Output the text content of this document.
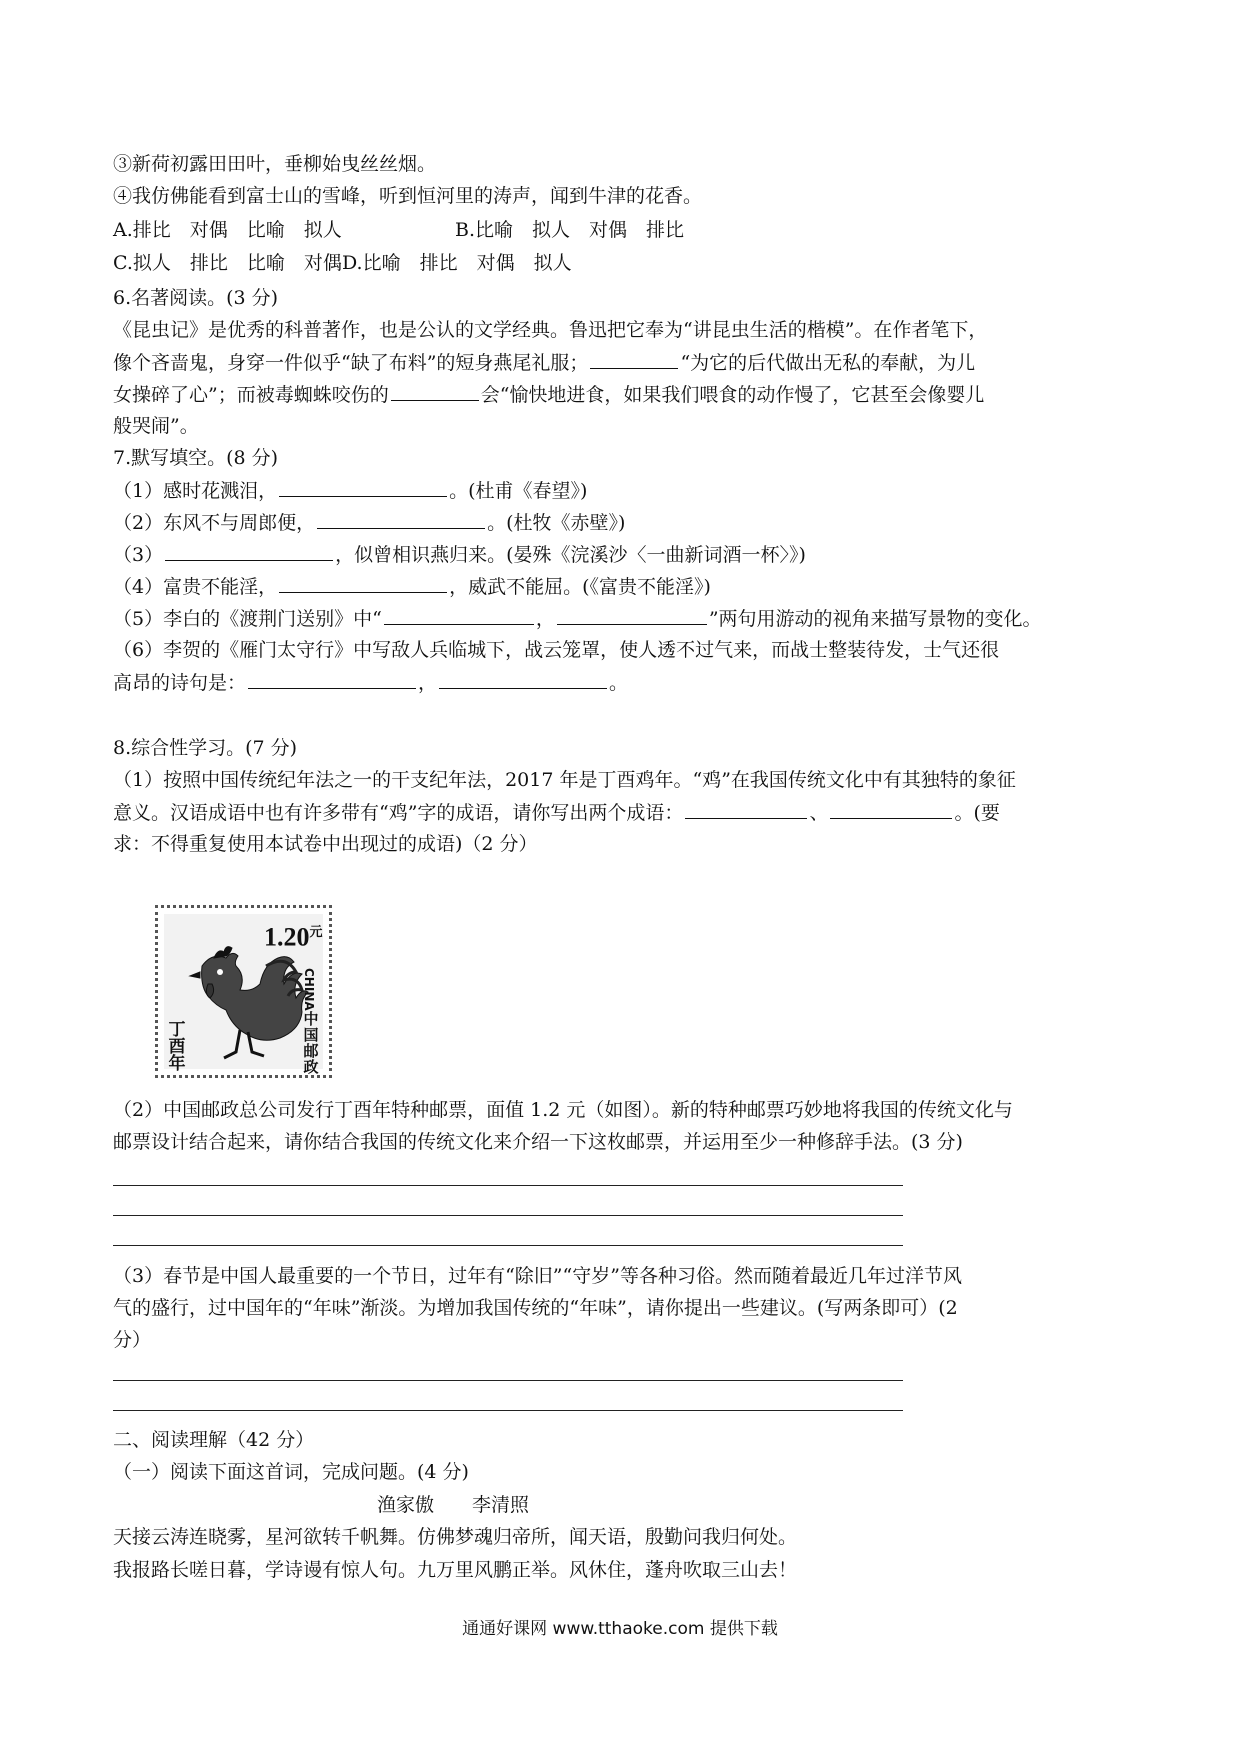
③新荷初露田田叶，垂柳始曳丝丝烟。
④我仿佛能看到富士山的雪峰，听到恒河里的涛声，闻到牛津的花香。
A.排比　对偶　比喻　拟人	B.比喻　拟人　对偶　排比
C.拟人　排比　比喻　对偶D.比喻　排比　对偶　拟人
6.名著阅读。(3 分)
《昆虫记》是优秀的科普著作，也是公认的文学经典。鲁迅把它奉为“讲昆虫生活的楷模”。在作者笔下，
像个吝啬鬼，身穿一件似乎“缺了布料”的短身燕尾礼服；	“为它的后代做出无私的奉献，为儿
女操碎了心”；而被毒蜘蛛咬伤的	会“愉快地进食，如果我们喂食的动作慢了，它甚至会像婴儿
般哭闹”。
7.默写填空。(8 分)
（1）感时花溅泪，	。(杜甫《春望》)
（2）东风不与周郎便，	。(杜牧《赤壁》)
（3）	，似曾相识燕归来。(晏殊《浣溪沙〈一曲新词酒一杯〉》)
（4）富贵不能淫，	，威武不能屈。(《富贵不能淫》)
（5）李白的《渡荆门送别》中“	，	”两句用游动的视角来描写景物的变化。
（6）李贺的《雁门太守行》中写敌人兵临城下，战云笼罩，使人透不过气来，而战士整装待发，士气还很
高昂的诗句是：	，	。
8.综合性学习。(7 分)
（1）按照中国传统纪年法之一的干支纪年法，2017 年是丁酉鸡年。“鸡”在我国传统文化中有其独特的象征
意义。汉语成语中也有许多带有“鸡”字的成语，请你写出两个成语：	、	。(要
求：不得重复使用本试卷中出现过的成语)（2 分）
$1.20^元$
丁酉年
CHINA
中国邮政
（2）中国邮政总公司发行丁酉年特种邮票，面值 1.2 元（如图）。新的特种邮票巧妙地将我国的传统文化与
邮票设计结合起来，请你结合我国的传统文化来介绍一下这枚邮票，并运用至少一种修辞手法。(3 分)
（3）春节是中国人最重要的一个节日，过年有“除旧”“守岁”等各种习俗。然而随着最近几年过洋节风
气的盛行，过中国年的“年味”渐淡。为增加我国传统的“年味”，请你提出一些建议。(写两条即可）(2
分）
二、阅读理解（42 分）
（一）阅读下面这首词，完成问题。(4 分)
渔家傲　　李清照
天接云涛连晓雾，星河欲转千帆舞。仿佛梦魂归帝所，闻天语，殷勤问我归何处。
我报路长嗟日暮，学诗谩有惊人句。九万里风鹏正举。风休住，蓬舟吹取三山去！
通通好课网 www.tthaoke.com 提供下载
